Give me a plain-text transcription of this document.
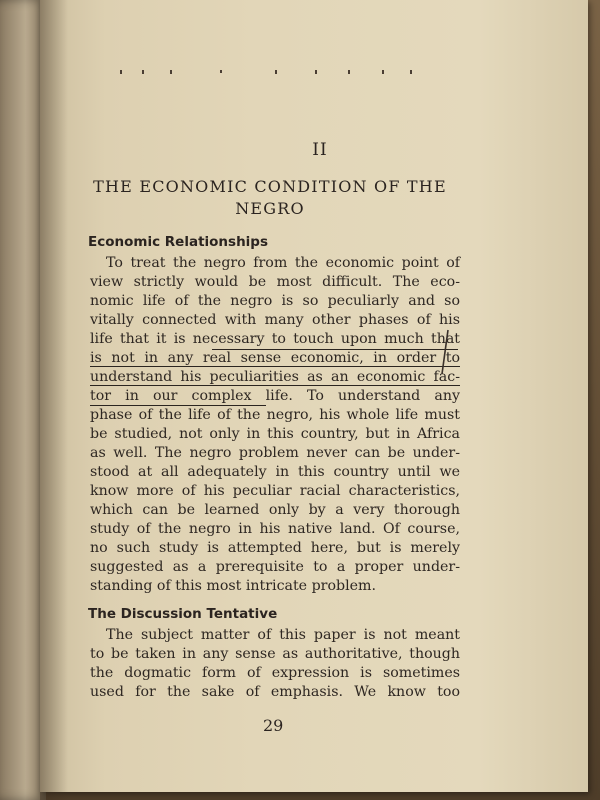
II
THE ECONOMIC CONDITION OF THE
NEGRO
Economic Relationships
To treat the negro from the economic point of
view strictly would be most difficult. The eco-
nomic life of the negro is so peculiarly and so
vitally connected with many other phases of his
life that it is necessary to touch upon much that
is not in any real sense economic, in order to
understand his peculiarities as an economic fac-
tor in our complex life. To understand any
phase of the life of the negro, his whole life must
be studied, not only in this country, but in Africa
as well. The negro problem never can be under-
stood at all adequately in this country until we
know more of his peculiar racial characteristics,
which can be learned only by a very thorough
study of the negro in his native land. Of course,
no such study is attempted here, but is merely
suggested as a prerequisite to a proper under-
standing of this most intricate problem.
The Discussion Tentative
The subject matter of this paper is not meant
to be taken in any sense as authoritative, though
the dogmatic form of expression is sometimes
used for the sake of emphasis. We know too
29
